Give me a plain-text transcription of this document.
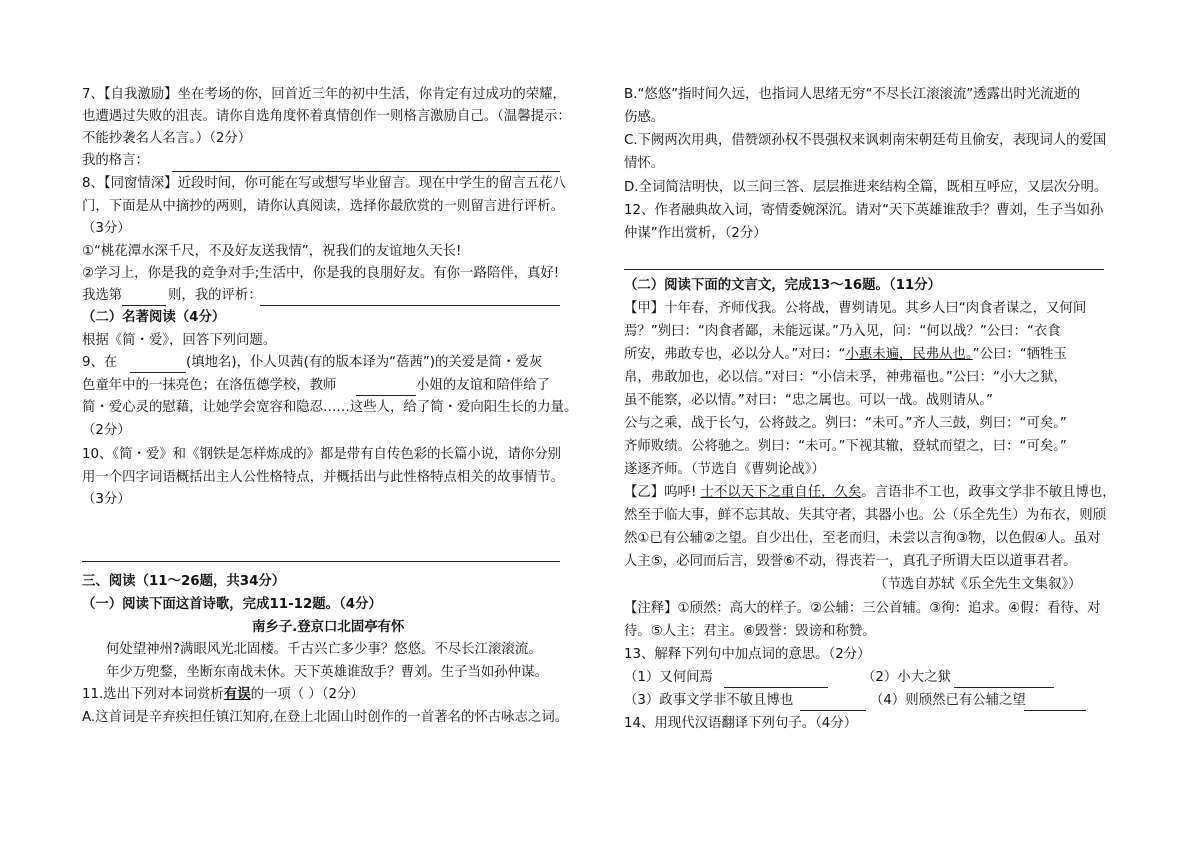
7、【自我激励】坐在考场的你，回首近三年的初中生活，你肯定有过成功的荣耀，
也遭遇过失败的沮丧。请你自选角度怀着真情创作一则格言激励自己。（温馨提示：
不能抄袭名人名言。）（2分）
我的格言：
8、【同窗情深】近段时间，你可能在写或想写毕业留言。现在中学生的留言五花八
门，下面是从中摘抄的两则，请你认真阅读，选择你最欣赏的一则留言进行评析。
（3分）
①“桃花潭水深千尺，不及好友送我情”，祝我们的友谊地久天长!
②学习上，你是我的竞争对手;生活中，你是我的良朋好友。有你一路陪伴，真好!
我选第	则，我的评析：
（二）名著阅读（4分）
根据《简・爱》，回答下列问题。
9、在	(填地名)，仆人贝茜(有的版本译为“蓓茜”)的关爱是简・爱灰
色童年中的一抹亮色；在洛伍德学校，教师	小姐的友谊和陪伴给了
简・爱心灵的慰藉，让她学会宽容和隐忍……这些人，给了简・爱向阳生长的力量。
（2分）
10、《简・爱》和《钢铁是怎样炼成的》都是带有自传色彩的长篇小说，请你分别
用一个四字词语概括出主人公性格特点，并概括出与此性格特点相关的故事情节。
（3分）
三、阅读（11～26题，共34分）
（一）阅读下面这首诗歌，完成11-12题。（4分）
南乡子.登京口北固亭有怀
何处望神州?满眼风光北固楼。千古兴亡多少事？悠悠。不尽长江滚滚流。
年少万兜鍪，坐断东南战未休。天下英雄谁敌手？曹刘。生子当如孙仲谋。
11.选出下列对本词赏析有误的一项（ ）（2分）
A.这首词是辛弃疾担任镇江知府,在登上北固山时创作的一首著名的怀古咏志之词。
B.“悠悠”指时间久远，也指词人思绪无穷“不尽长江滚滚流”透露出时光流逝的
伤感。
C.下阙两次用典，借赞颂孙权不畏强权来讽刺南宋朝廷苟且偷安，表现词人的爱国
情怀。
D.全词简洁明快，以三问三答、层层推进来结构全篇，既相互呼应，又层次分明。
12、作者融典故入词，寄情委婉深沉。请对“天下英雄谁敌手？曹刘，生子当如孙
仲谋”作出赏析，（2分）
（二）阅读下面的文言文，完成13～16题。（11分）
【甲】十年春，齐师伐我。公将战，曹刿请见。其乡人曰“肉食者谋之，又何间
焉？”刿曰：“肉食者鄙，未能远谋。”乃入见，问：“何以战？”公曰：“衣食
所安，弗敢专也，必以分人。”对曰：“小惠未遍，民弗从也。”公曰：“牺牲玉
帛，弗敢加也，必以信。”对曰：“小信未孚，神弗福也。”公曰：“小大之狱，
虽不能察，必以情。”对曰：“忠之属也。可以一战。战则请从。”
公与之乘，战于长勺，公将鼓之。刿曰：“未可。”齐人三鼓，刿曰：“可矣。”
齐师败绩。公将驰之。刿曰：“未可。”下视其辙，登轼而望之，曰：“可矣。”
遂逐齐师。（节选自《曹刿论战》）
【乙】呜呼! 士不以天下之重自任，久矣。言语非不工也，政事文学非不敏且博也，
然至于临大事，鲜不忘其故、失其守者，其器小也。公（乐全先生）为布衣，则颀
然①已有公辅②之望。自少出仕，至老而归，未尝以言徇③物，以色假④人。虽对
人主⑤，必同而后言，毁誉⑥不动，得丧若一，真孔子所谓大臣以道事君者。
（节选自苏轼《乐全先生文集叙》）
【注释】①颀然：高大的样子。②公辅：三公首辅。③徇：追求。④假：看待、对
待。⑤人主：君主。⑥毁誉：毁谤和称赞。
13、解释下列句中加点词的意思。（2分）
（1）又何间焉	（2）小大之狱
（3）政事文学非不敏且博也	（4）则颀然已有公辅之望
14、用现代汉语翻译下列句子。（4分）
